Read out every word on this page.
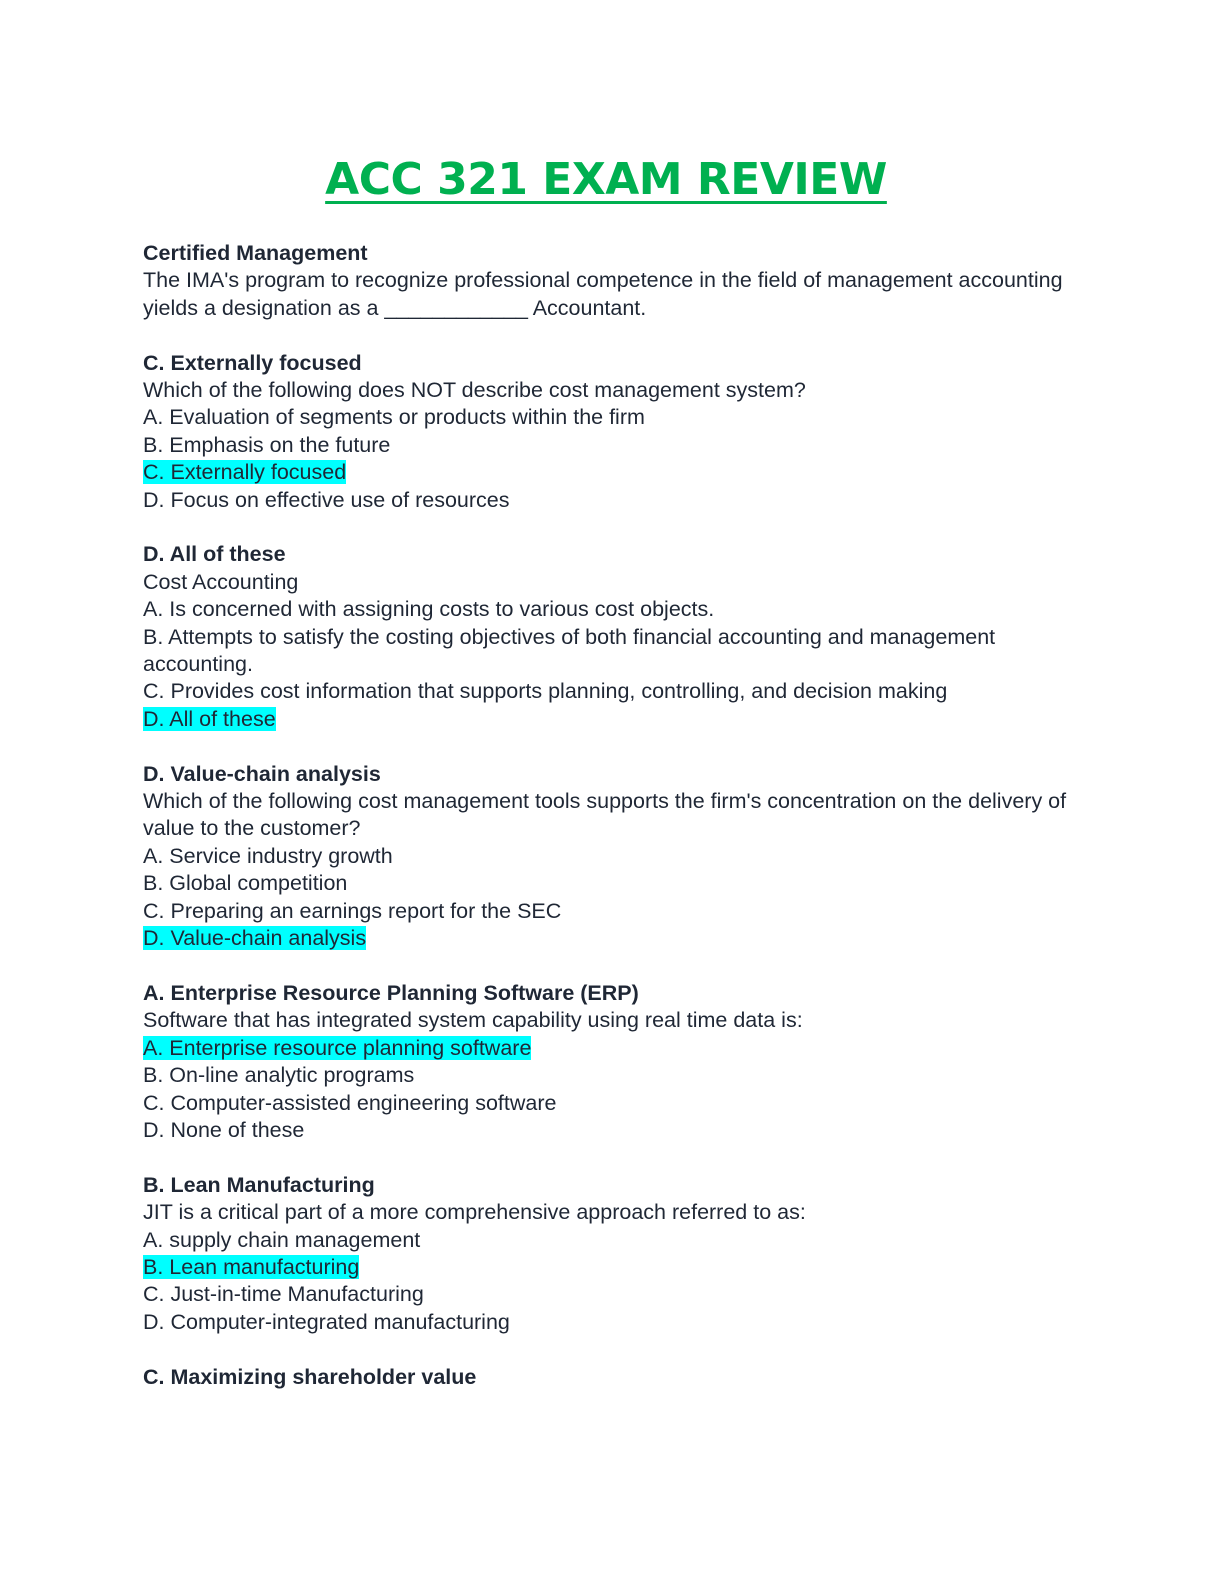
ACC 321 EXAM REVIEW
Certified Management
The IMA's program to recognize professional competence in the field of management accounting yields a designation as a ____________ Accountant.
C. Externally focused
Which of the following does NOT describe cost management system?
A. Evaluation of segments or products within the firm
B. Emphasis on the future
C. Externally focused
D. Focus on effective use of resources
D. All of these
Cost Accounting
A. Is concerned with assigning costs to various cost objects.
B. Attempts to satisfy the costing objectives of both financial accounting and management accounting.
C. Provides cost information that supports planning, controlling, and decision making
D. All of these
D. Value-chain analysis
Which of the following cost management tools supports the firm's concentration on the delivery of value to the customer?
A. Service industry growth
B. Global competition
C. Preparing an earnings report for the SEC
D. Value-chain analysis
A. Enterprise Resource Planning Software (ERP)
Software that has integrated system capability using real time data is:
A. Enterprise resource planning software
B. On-line analytic programs
C. Computer-assisted engineering software
D. None of these
B. Lean Manufacturing
JIT is a critical part of a more comprehensive approach referred to as:
A. supply chain management
B. Lean manufacturing
C. Just-in-time Manufacturing
D. Computer-integrated manufacturing
C. Maximizing shareholder value
